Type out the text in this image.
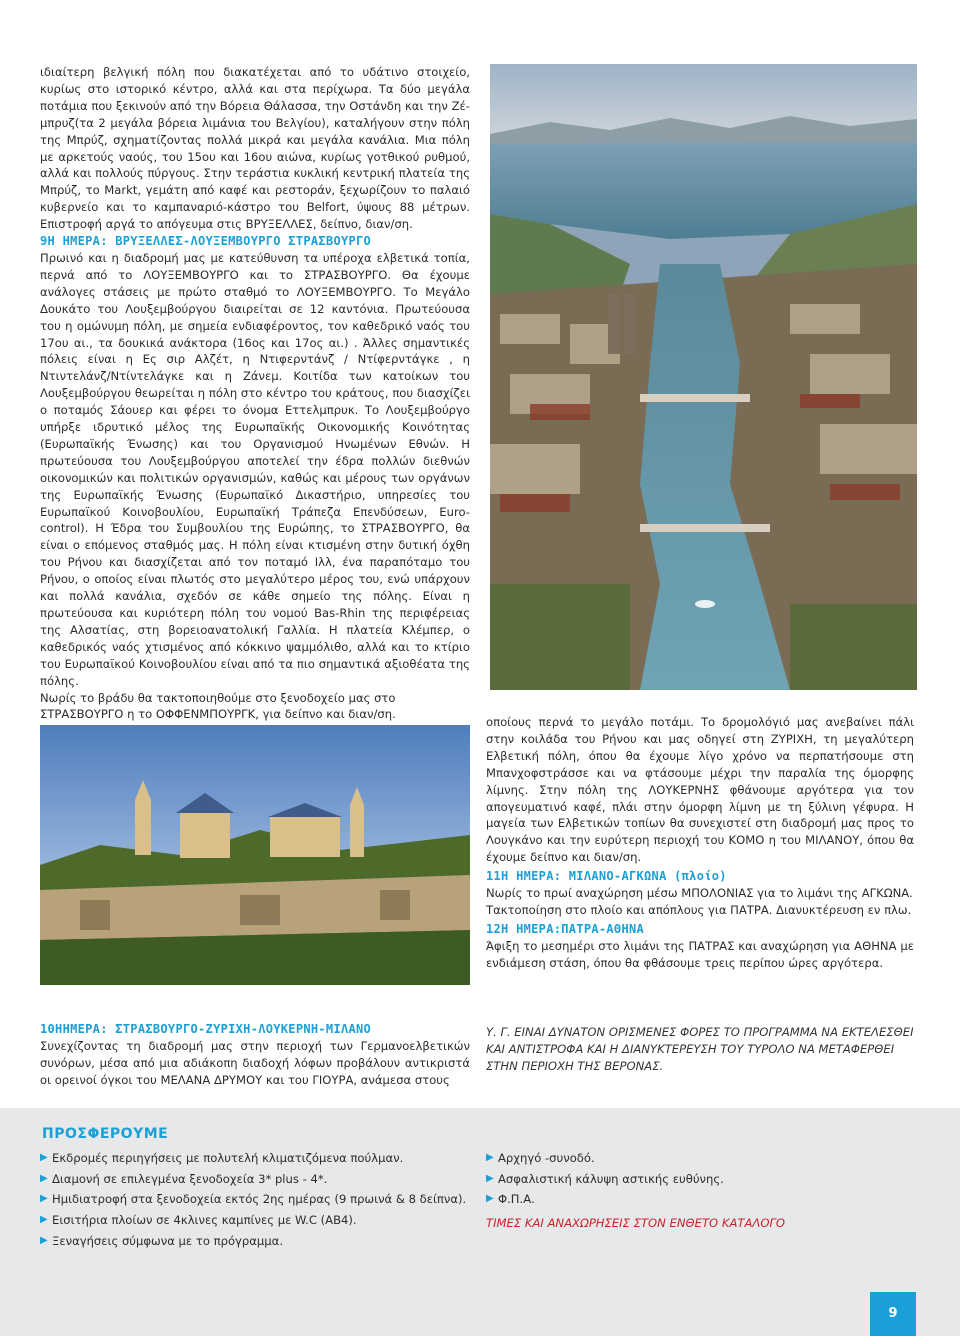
ιδιαίτερη βελγική πόλη που διακατέχεται από το υδάτινο στοιχείο, κυρίως στο ιστορικό κέντρο, αλλά και στα περίχωρα. Τα δύο μεγάλα ποτάμια που ξεκινούν από την Βόρεια Θάλασσα, την Οστάνδη και την Ζέ-μπρυζ(τα 2 μεγάλα βόρεια λιμάνια του Βελγίου), καταλήγουν στην πόλη της Μπρύζ, σχηματίζοντας πολλά μικρά και μεγάλα κανάλια. Μια πόλη με αρκετούς ναούς, του 15ου και 16ου αιώνα, κυρίως γοτθικού ρυθμού, αλλά και πολλούς πύργους. Στην τεράστια κυκλική κεντρική πλατεία της Μπρύζ, το Markt, γεμάτη από καφέ και ρεστοράν, ξεχωρίζουν το παλαιό κυβερνείο και το καμπαναριό-κάστρο του Belfort, ύψους 88 μέτρων. Επιστροφή αργά το απόγευμα στις ΒΡΥΞΕΛΛΕΣ, δείπνο, διαν/ση.

9Η ΗΜΕΡΑ: ΒΡΥΞΕΛΛΕΣ-ΛΟΥΞΕΜΒΟΥΡΓΟ ΣΤΡΑΣΒΟΥΡΓΟ

Πρωινό και η διαδρομή μας με κατεύθυνση τα υπέροχα ελβετικά τοπία, περνά από το ΛΟΥΞΕΜΒΟΥΡΓΟ και το ΣΤΡΑΣΒΟΥΡΓΟ. Θα έχουμε ανάλογες στάσεις με πρώτο σταθμό το ΛΟΥΞΕΜΒΟΥΡΓΟ. Το Μεγάλο Δουκάτο του Λουξεμβούργου διαιρείται σε 12 καντόνια. Πρωτεύουσα του η ομώνυμη πόλη, με σημεία ενδιαφέροντος, τον καθεδρικό ναός του 17ου αι., τα δουκικά ανάκτορα (16ος και 17ος αι.) . Άλλες σημαντικές πόλεις είναι η Ες σιρ Αλζέτ, η Ντιφερντάνζ / Ντίφερντάγκε , η Ντιντελάνζ/Ντίντελάγκε και η Ζάνεμ. Κοιτίδα των κατοίκων του Λουξεμβούργου θεωρείται η πόλη στο κέντρο του κράτους, που διασχίζει ο ποταμός Σάουερ και φέρει το όνομα Εττελμπρυκ. Το Λουξεμβούργο υπήρξε ιδρυτικό μέλος της Ευρωπαϊκής Οικονομικής Κοινότητας (Ευρωπαϊκής Ένωσης) και του Οργανισμού Ηνωμένων Εθνών. Η πρωτεύουσα του Λουξεμβούργου αποτελεί την έδρα πολλών διεθνών οικονομικών και πολιτικών οργανισμών, καθώς και μέρους των οργάνων της Ευρωπαϊκής Ένωσης (Ευρωπαϊκό Δικαστήριο, υπηρεσίες του Ευρωπαϊκού Κοινοβουλίου, Ευρωπαϊκή Τράπεζα Επενδύσεων, Euro-control). Η Έδρα του Συμβουλίου της Ευρώπης, το ΣΤΡΑΣΒΟΥΡΓΟ, θα είναι ο επόμενος σταθμός μας. Η πόλη είναι κτισμένη στην δυτική όχθη του Ρήνου και διασχίζεται από τον ποταμό Ιλλ, ένα παραπόταμο του Ρήνου, ο οποίος είναι πλωτός στο μεγαλύτερο μέρος του, ενώ υπάρχουν και πολλά κανάλια, σχεδόν σε κάθε σημείο της πόλης. Είναι η πρωτεύουσα και κυριότερη πόλη του νομού Bas-Rhin της περιφέρειας της Αλσατίας, στη βορειοανατολική Γαλλία. Η πλατεία Κλέμπερ, ο καθεδρικός ναός χτισμένος από κόκκινο ψαμμόλιθο, αλλά και το κτίριο του Ευρωπαϊκού Κοινοβουλίου είναι από τα πιο σημαντικά αξιοθέατα της πόλης.

Νωρίς το βράδυ θα τακτοποιηθούμε στο ξενοδοχείο μας στο ΣΤΡΑΣΒΟΥΡΓΟ η το ΟΦΦΕΝΜΠΟΥΡΓΚ, για δείπνο και διαν/ση.

οποίους περνά το μεγάλο ποτάμι. Το δρομολόγιό μας ανεβαίνει πάλι στην κοιλάδα του Ρήνου και μας οδηγεί στη ΖΥΡΙΧΗ, τη μεγαλύτερη Ελβετική πόλη, όπου θα έχουμε λίγο χρόνο να περπατήσουμε στη Μπανχοφστράσσε και να φτάσουμε μέχρι την παραλία της όμορφης λίμνης. Στην πόλη της ΛΟΥΚΕΡΝΗΣ φθάνουμε αργότερα για τον απογευματινό καφέ, πλάι στην όμορφη λίμνη με τη ξύλινη γέφυρα. Η μαγεία των Ελβετικών τοπίων θα συνεχιστεί στη διαδρομή μας προς το Λουγκάνο και την ευρύτερη περιοχή του ΚΟΜΟ η του ΜΙΛΑΝΟΥ, όπου θα έχουμε δείπνο και διαν/ση.

11Η ΗΜΕΡΑ: ΜΙΛΑΝΟ-ΑΓΚΩΝΑ (πλοίο)

Νωρίς το πρωί αναχώρηση μέσω ΜΠΟΛΟΝΙΑΣ για το λιμάνι της ΑΓΚΩΝΑ. Τακτοποίηση στο πλοίο και απόπλους για ΠΑΤΡΑ. Διανυκτέρευση εν πλω.

12Η ΗΜΕΡΑ:ΠΑΤΡΑ-ΑΘΗΝΑ

Άφιξη το μεσημέρι στο λιμάνι της ΠΑΤΡΑΣ και αναχώρηση για ΑΘΗΝΑ με ενδιάμεση στάση, όπου θα φθάσουμε τρεις περίπου ώρες αργότερα.

10ΗΗΜΕΡΑ: ΣΤΡΑΣΒΟΥΡΓΟ-ΖΥΡΙΧΗ-ΛΟΥΚΕΡΝΗ-ΜΙΛΑΝΟ

Συνεχίζοντας τη διαδρομή μας στην περιοχή των Γερμανοελβετικών συνόρων, μέσα από μια αδιάκοπη διαδοχή λόφων προβάλουν αντικριστά οι ορεινοί όγκοι του ΜΕΛΑΝΑ ΔΡΥΜΟΥ και του ΓΙΟΥΡΑ, ανάμεσα στους

Υ. Γ. ΕΙΝΑΙ ΔΥΝΑΤΟΝ ΟΡΙΣΜΕΝΕΣ ΦΟΡΕΣ ΤΟ ΠΡΟΓΡΑΜΜΑ ΝΑ ΕΚΤΕΛΕΣΘΕΙ ΚΑΙ ΑΝΤΙΣΤΡΟΦΑ ΚΑΙ Η ΔΙΑΝΥΚΤΕΡΕΥΣΗ ΤΟΥ ΤΥΡΟΛΟ ΝΑ ΜΕΤΑΦΕΡΘΕΙ ΣΤΗΝ ΠΕΡΙΟΧΗ ΤΗΣ ΒΕΡΟΝΑΣ.
ΠΡΟΣΦΕΡΟΥΜΕ
▶ Εκδρομές περιηγήσεις με πολυτελή κλιματιζόμενα πούλμαν.
▶ Διαμονή σε επιλεγμένα ξενοδοχεία 3* plus - 4*.
▶ Ημιδιατροφή στα ξενοδοχεία εκτός 2ης ημέρας (9 πρωινά & 8 δείπνα).
▶ Εισιτήρια πλοίων σε 4κλινες καμπίνες με W.C (AB4).
▶ Ξεναγήσεις σύμφωνα με το πρόγραμμα.
▶ Αρχηγό -συνοδό.
▶ Ασφαλιστική κάλυψη αστικής ευθύνης.
▶ Φ.Π.Α.
ΤΙΜΕΣ ΚΑΙ ΑΝΑΧΩΡΗΣΕΙΣ ΣΤΟΝ ΕΝΘΕΤΟ ΚΑΤΑΛΟΓΟ
9
